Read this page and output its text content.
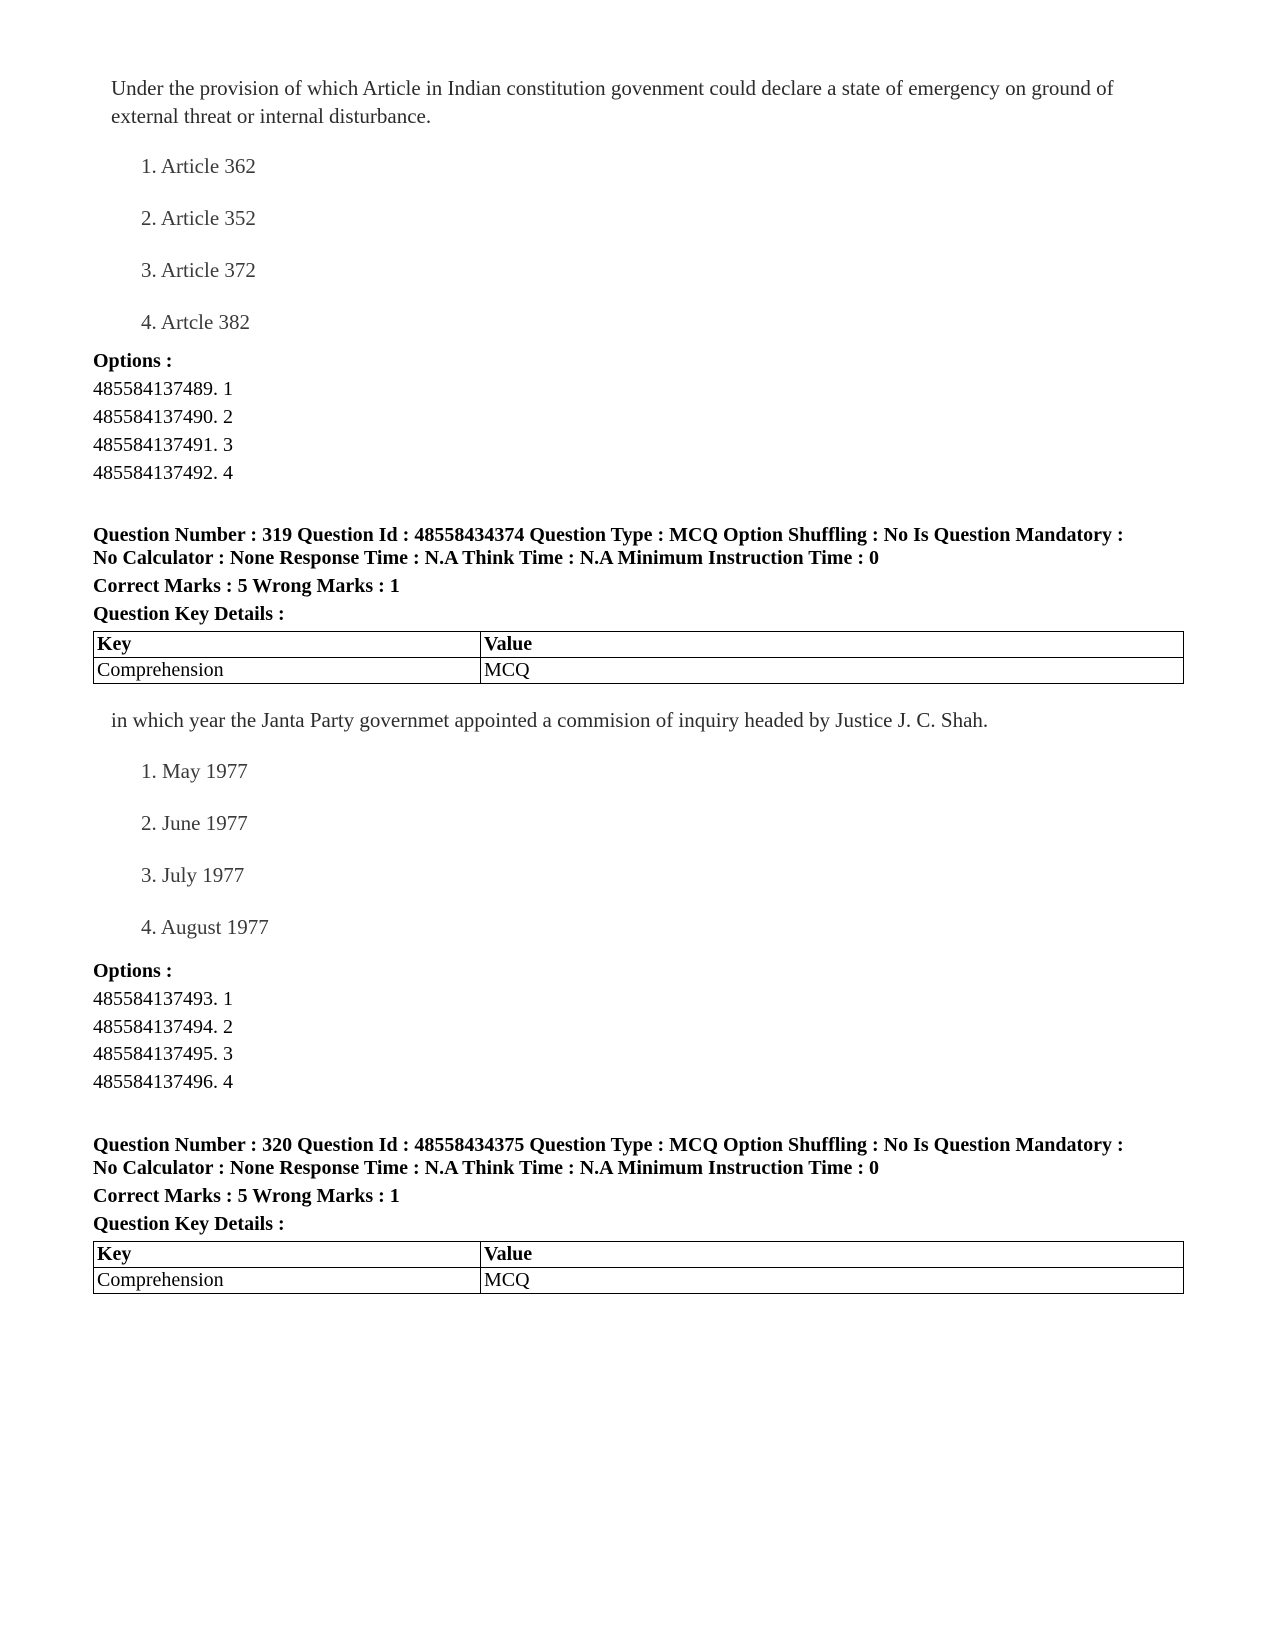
Under the provision of which Article in Indian constitution govenment could declare a state of emergency on ground of external threat or internal disturbance.
1. Article 362
2. Article 352
3. Article 372
4. Artcle 382
Options :
485584137489. 1
485584137490. 2
485584137491. 3
485584137492. 4
Question Number : 319 Question Id : 48558434374 Question Type : MCQ Option Shuffling : No Is Question Mandatory :
No Calculator : None Response Time : N.A Think Time : N.A Minimum Instruction Time : 0
Correct Marks : 5 Wrong Marks : 1
Question Key Details :
Key	Value
Comprehension	MCQ
in which year the Janta Party governmet appointed a commision of inquiry headed by Justice J. C. Shah.
1. May 1977
2. June 1977
3. July 1977
4. August 1977
Options :
485584137493. 1
485584137494. 2
485584137495. 3
485584137496. 4
Question Number : 320 Question Id : 48558434375 Question Type : MCQ Option Shuffling : No Is Question Mandatory :
No Calculator : None Response Time : N.A Think Time : N.A Minimum Instruction Time : 0
Correct Marks : 5 Wrong Marks : 1
Question Key Details :
Key	Value
Comprehension	MCQ
